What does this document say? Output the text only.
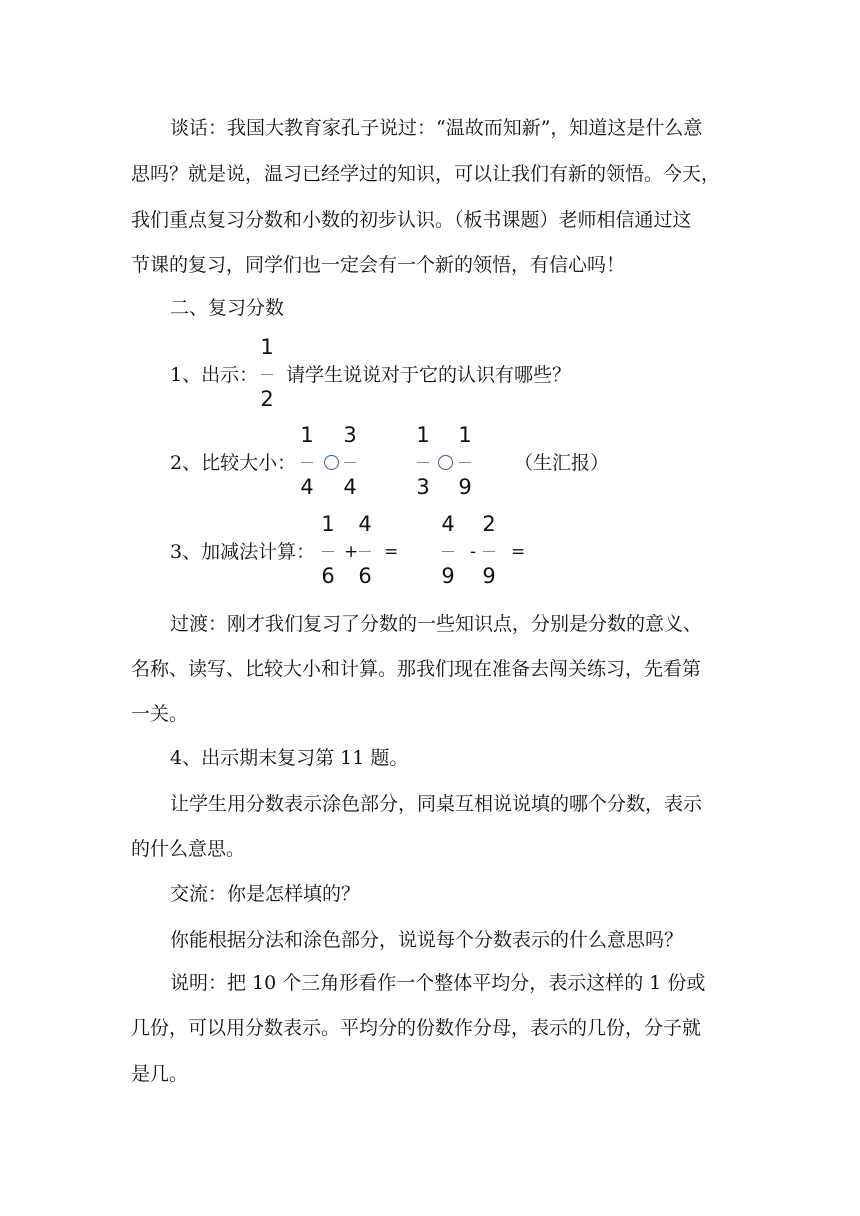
谈话：我国大教育家孔子说过：“温故而知新”，知道这是什么意
思吗？就是说，温习已经学过的知识，可以让我们有新的领悟。今天，
我们重点复习分数和小数的初步认识。（板书课题）老师相信通过这
节课的复习，同学们也一定会有一个新的领悟，有信心吗！
二、复习分数
1、出示：
1
2
请学生说说对于它的认识有哪些？
2、比较大小：
1
4
3
4
1
3
1
9
（生汇报）
3、加减法计算：
1
6
+
4
6
=
4
9
-
2
9
=
过渡：刚才我们复习了分数的一些知识点，分别是分数的意义、
名称、读写、比较大小和计算。那我们现在准备去闯关练习，先看第
一关。
4、出示期末复习第 11 题。
让学生用分数表示涂色部分，同桌互相说说填的哪个分数，表示
的什么意思。
交流：你是怎样填的？
你能根据分法和涂色部分，说说每个分数表示的什么意思吗？
说明：把 10 个三角形看作一个整体平均分，表示这样的 1 份或
几份，可以用分数表示。平均分的份数作分母，表示的几份，分子就
是几。
